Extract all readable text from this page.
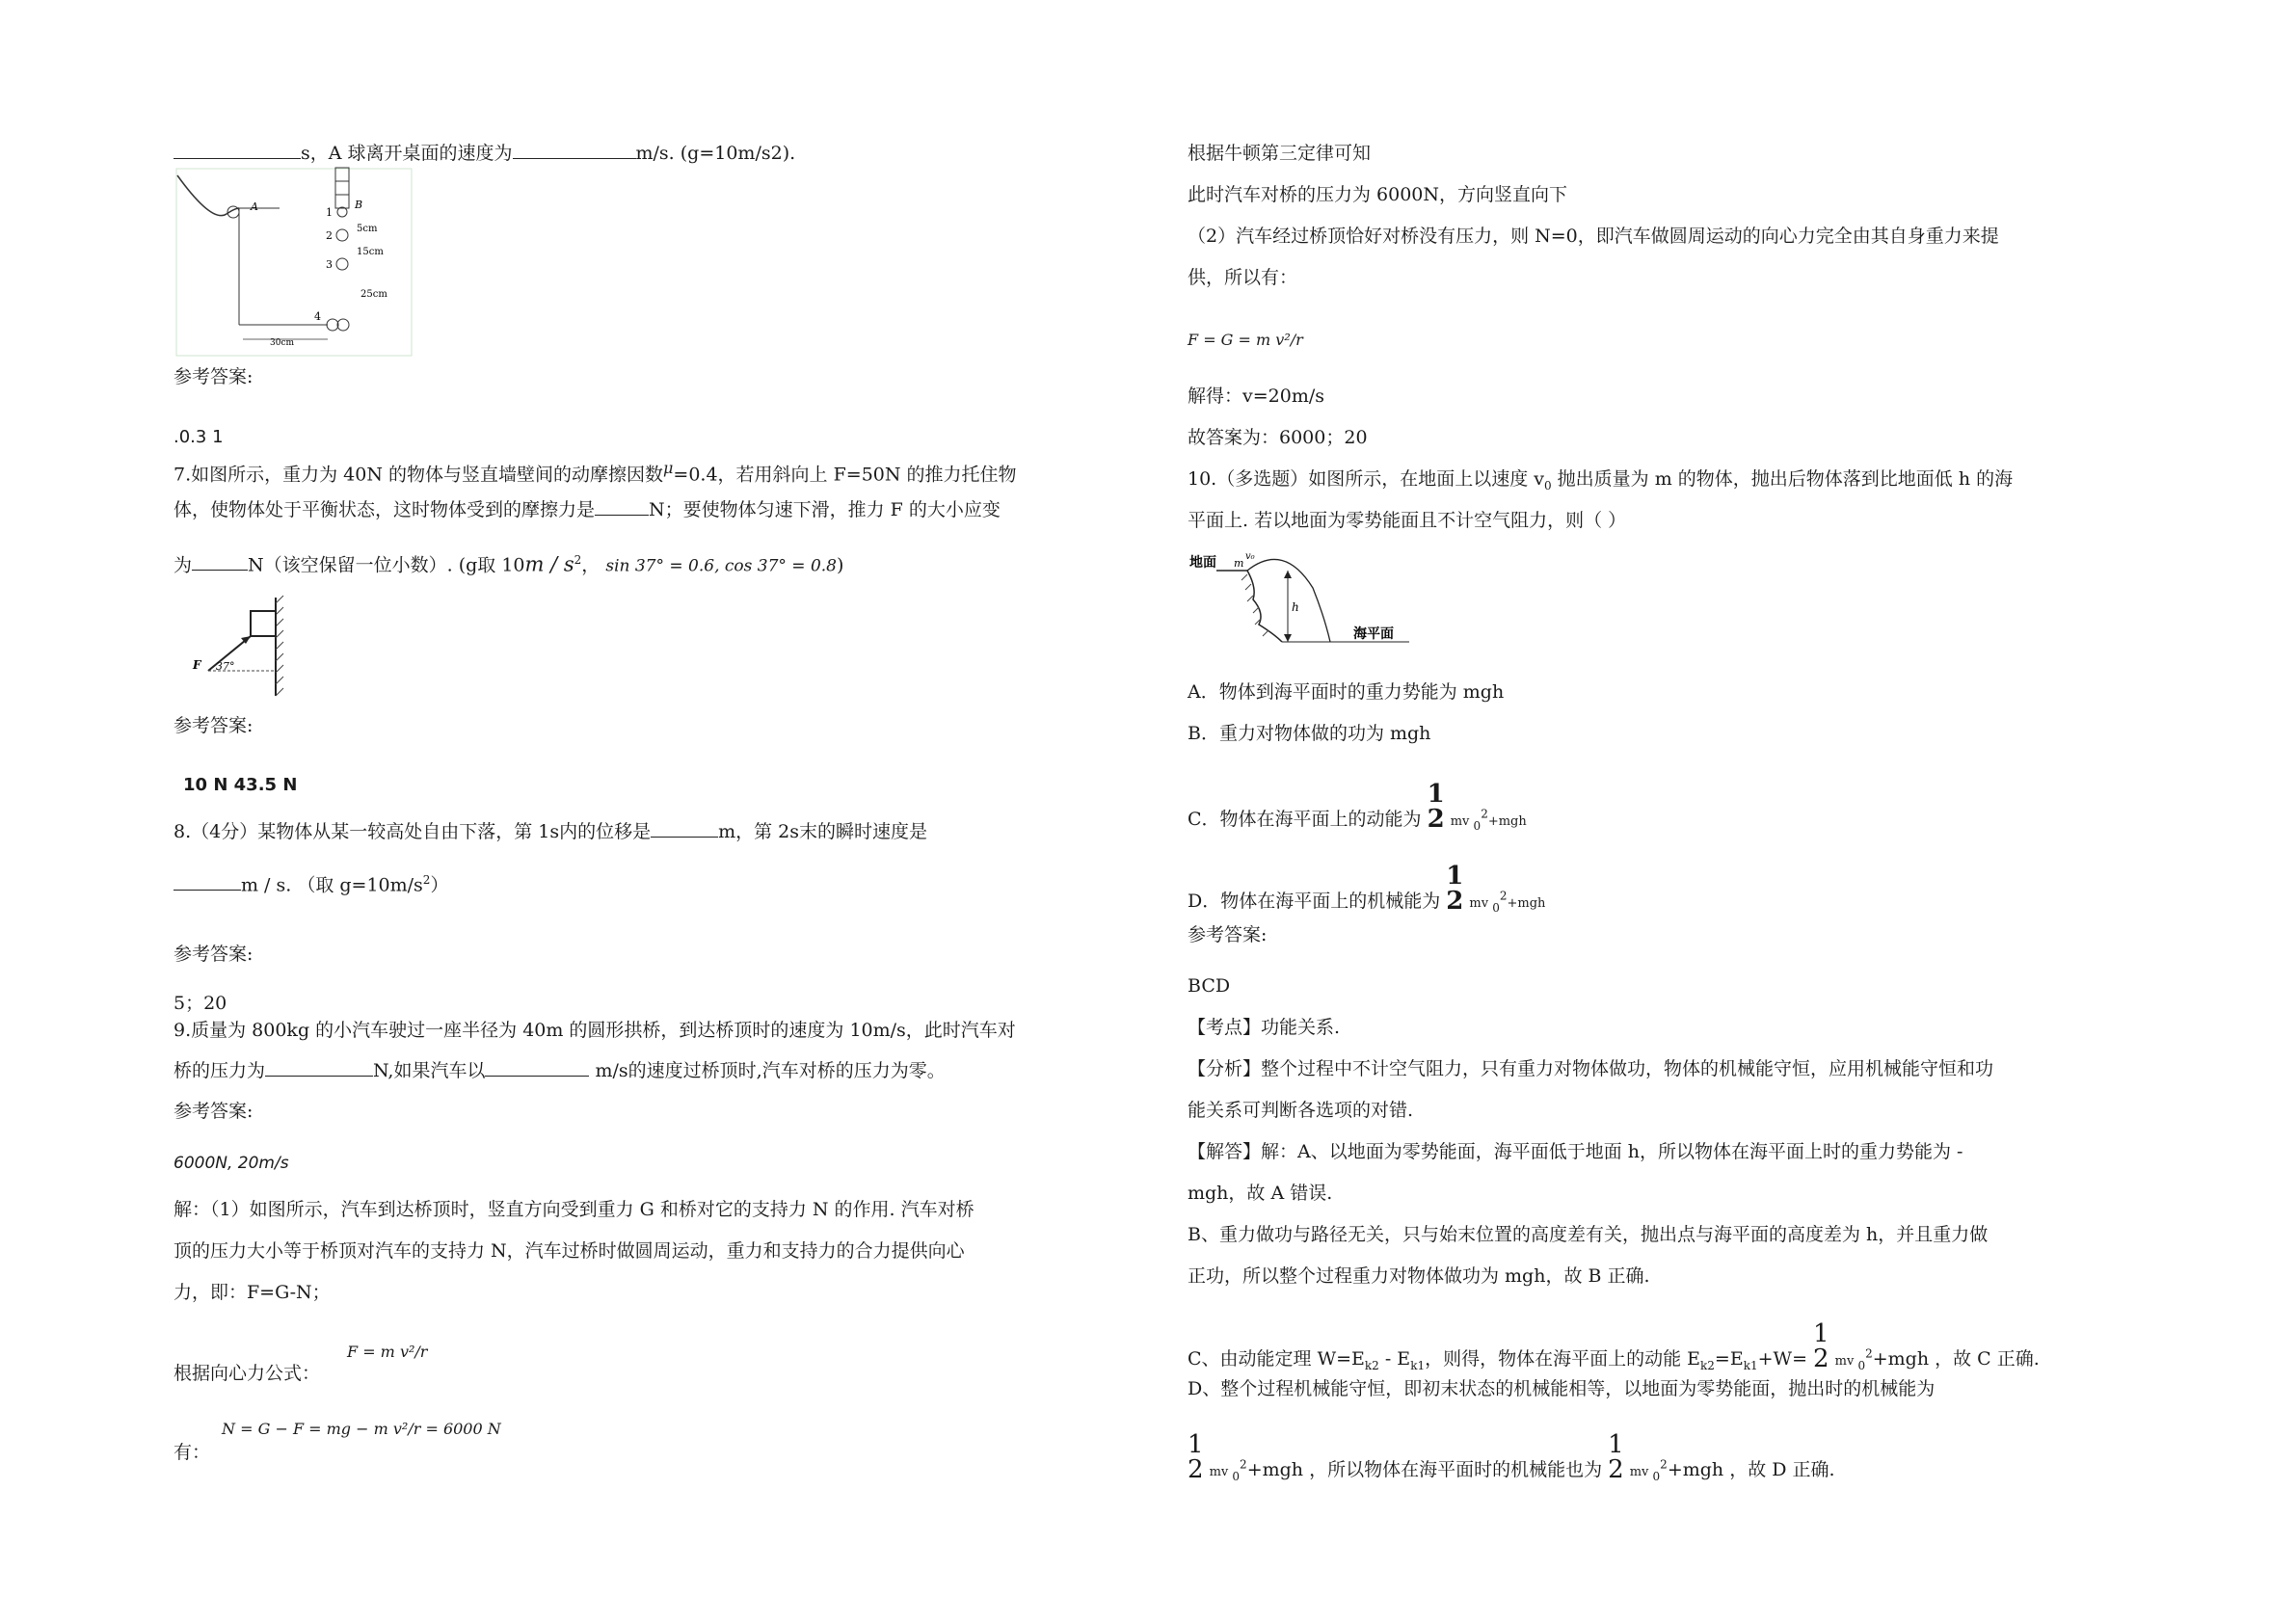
s，A 球离开桌面的速度为	m/s. (g=10m/s2).
A	B
1
2
5cm
3
15cm
25cm
4
30cm
参考答案:
.0.3 1
7.如图所示，重力为 40N 的物体与竖直墙壁间的动摩擦因数$^\mu$=0.4，若用斜向上 F=50N 的推力托住物
体，使物体处于平衡状态，这时物体受到的摩擦力是	N；要使物体匀速下滑，推力 F 的大小应变
为	N（该空保留一位小数）. (g取 $10m / s^2$， sin 37° = 0.6, cos 37° = 0.8)
F 37°
参考答案:
10 N 43.5 N
8.（4分）某物体从某一较高处自由下落，第 1s内的位移是	m，第 2s末的瞬时速度是
m / s. （取 $g=10m/s^2$）
参考答案:
5；20
9.质量为 800kg 的小汽车驶过一座半径为 40m 的圆形拱桥，到达桥顶时的速度为 10m/s，此时汽车对
桥的压力为	N,如果汽车以	m/s的速度过桥顶时,汽车对桥的压力为零。
参考答案:
6000N, 20m/s
解：（1）如图所示，汽车到达桥顶时，竖直方向受到重力 G 和桥对它的支持力 N 的作用. 汽车对桥
顶的压力大小等于桥顶对汽车的支持力 N，汽车过桥时做圆周运动，重力和支持力的合力提供向心
力，即：F=G-N；
根据向心力公式：
F = m v²/r
有：
N = G − F = mg − m v²/r = 6000 N
根据牛顿第三定律可知
此时汽车对桥的压力为 6000N，方向竖直向下
（2）汽车经过桥顶恰好对桥没有压力，则 N=0，即汽车做圆周运动的向心力完全由其自身重力来提
供，所以有：
F = G = m v²/r
解得：v=20m/s
故答案为：6000；20
10.（多选题）如图所示，在地面上以速度 $v_0$ 抛出质量为 m 的物体，抛出后物体落到比地面低 h 的海
平面上. 若以地面为零势能面且不计空气阻力，则（ ）
地面 m
v₀
h
海平面
A．物体到海平面时的重力势能为 mgh
B．重力对物体做的功为 mgh
C．物体在海平面上的动能为 1
2 mv $_0^2$+mgh
D．物体在海平面上的机械能为 1
2 mv $_0^2$+mgh
参考答案:
BCD
【考点】功能关系.
【分析】整个过程中不计空气阻力，只有重力对物体做功，物体的机械能守恒，应用机械能守恒和功
能关系可判断各选项的对错.
【解答】解：A、以地面为零势能面，海平面低于地面 h，所以物体在海平面上时的重力势能为 -
mgh，故 A 错误.
B、重力做功与路径无关，只与始末位置的高度差有关，抛出点与海平面的高度差为 h，并且重力做
正功，所以整个过程重力对物体做功为 mgh，故 B 正确.
C、由动能定理 $W=E_{k2} - E_{k1}$，则得，物体在海平面上的动能 $E_{k2}=E_{k1}+W= 1$
2 mv $_0^2$+mgh ，故 C 正确.
D、整个过程机械能守恒，即初末状态的机械能相等，以地面为零势能面，抛出时的机械能为
1
2 mv $_0^2$+mgh ，所以物体在海平面时的机械能也为 1
2 mv $_0^2$+mgh ，故 D 正确.
